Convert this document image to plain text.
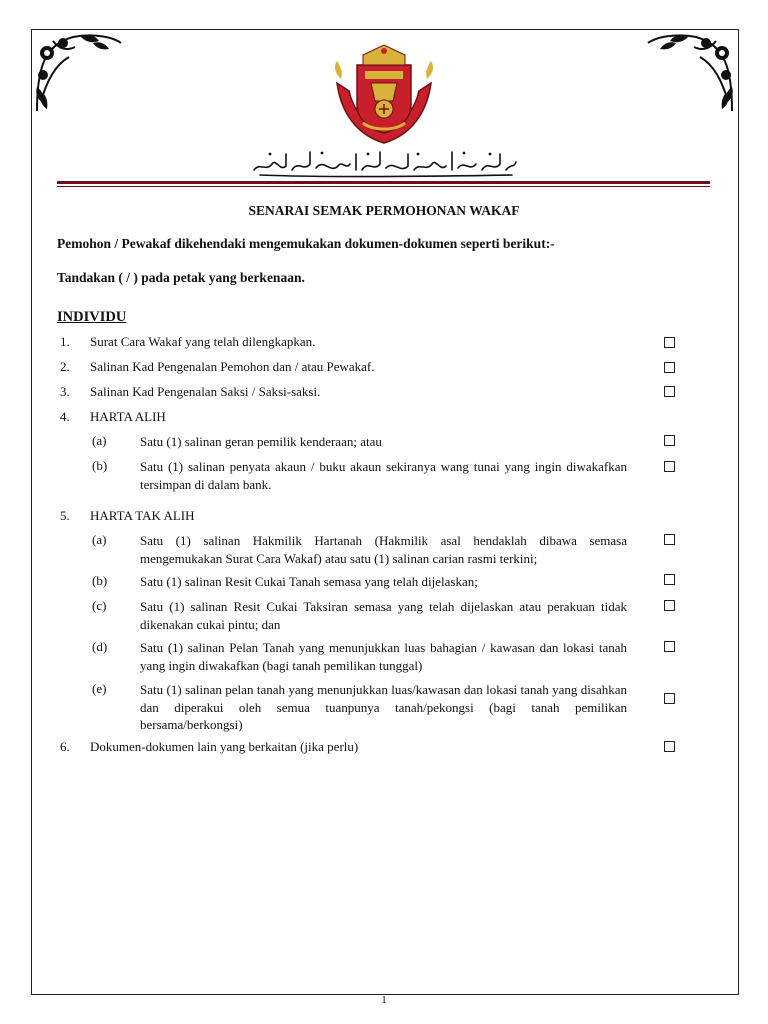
SENARAI SEMAK PERMOHONAN WAKAF
Pemohon / Pewakaf dikehendaki mengemukakan dokumen-dokumen seperti berikut:-
Tandakan ( / ) pada petak yang berkenaan.
INDIVIDU
1. Surat Cara Wakaf yang telah dilengkapkan.
2. Salinan Kad Pengenalan Pemohon dan / atau Pewakaf.
3. Salinan Kad Pengenalan Saksi / Saksi-saksi.
4. HARTA ALIH
(a)	Satu (1) salinan geran pemilik kenderaan; atau
(b)	Satu (1) salinan penyata akaun / buku akaun sekiranya wang tunai yang ingin diwakafkan tersimpan di dalam bank.
5. HARTA TAK ALIH
(a)	Satu (1) salinan Hakmilik Hartanah (Hakmilik asal hendaklah dibawa semasa mengemukakan Surat Cara Wakaf) atau satu (1) salinan carian rasmi terkini;
(b)	Satu (1) salinan Resit Cukai Tanah semasa yang telah dijelaskan;
(c)	Satu (1) salinan Resit Cukai Taksiran semasa yang telah dijelaskan atau perakuan tidak dikenakan cukai pintu; dan
(d)	Satu (1) salinan Pelan Tanah yang menunjukkan luas bahagian / kawasan dan lokasi tanah yang ingin diwakafkan (bagi tanah pemilikan tunggal)
(e)	Satu (1) salinan pelan tanah yang menunjukkan luas/kawasan dan lokasi tanah yang disahkan dan diperakui oleh semua tuanpunya tanah/pekongsi (bagi tanah pemilikan bersama/berkongsi)
6. Dokumen-dokumen lain yang berkaitan (jika perlu)
1
